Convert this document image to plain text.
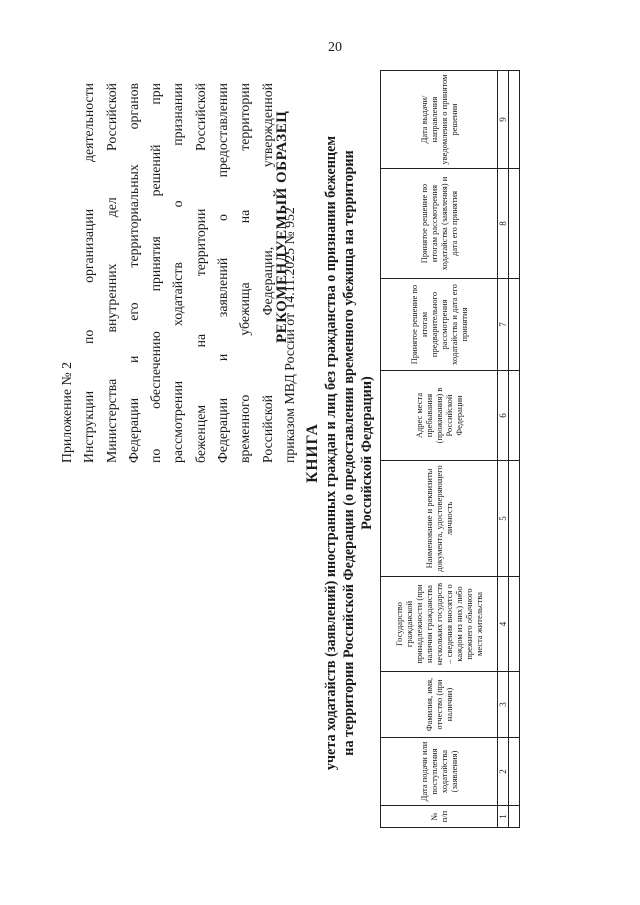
20
Приложение № 2 Инструкции по организации деятельности Министерства внутренних дел Российской Федерации и его территориальных органов по обеспечению принятия решений при рассмотрении ходатайств о признании беженцем на территории Российской Федерации и заявлений о предоставлении временного убежища на территории Российской Федерации, утвержденной приказом МВД России от 14.11.2025 № 952
РЕКОМЕНДУЕМЫЙ ОБРАЗЕЦ
КНИГА учета ходатайств (заявлений) иностранных граждан и лиц без гражданства о признании беженцем на территории Российской Федерации (о предоставлении временного убежища на территории Российской Федерации)
№ п/п	Дата подачи или поступления ходатайства (заявления)	Фамилия, имя, отчество (при наличии)	Государство гражданской принадлежности (при наличии гражданства нескольких государств – сведения вносятся о каждом из них) либо прежнего обычного места жительства	Наименование и реквизиты документа, удостоверяющего личность	Адрес места пребывания (проживания) в Российской Федерации	Принятое решение по итогам предварительного рассмотрения ходатайства и дата его принятия	Принятое решение по итогам рассмотрения ходатайства (заявления) и дата его принятия	Дата выдачи/ направления уведомления о принятом решении
1	2	3	4	5	6	7	8	9
